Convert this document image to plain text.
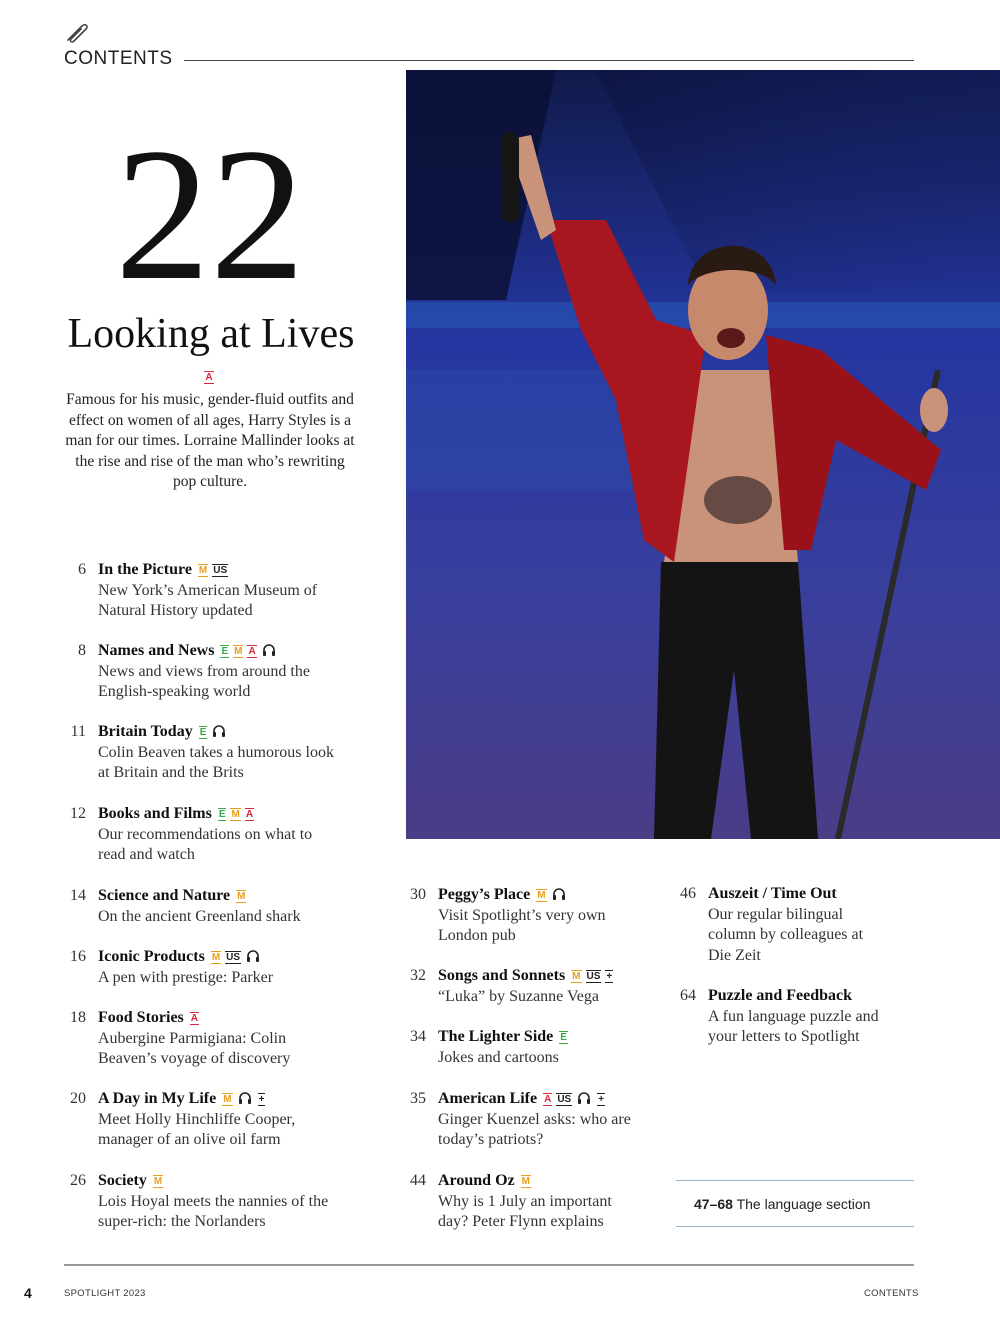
CONTENTS
22
Looking at Lives
A
Famous for his music, gender-fluid outfits and effect on women of all ages, Harry Styles is a man for our times. Lorraine Mallinder looks at the rise and rise of the man who’s rewriting pop culture.
6 In the Picture M US
New York’s American Museum of Natural History updated
8 Names and News E M A

News and views from around the English-speaking world
11 Britain Today E

Colin Beaven takes a humorous look at Britain and the Brits
12 Books and Films E M A
Our recommendations on what to read and watch
14 Science and Nature M
On the ancient Greenland shark
16 Iconic Products M US

A pen with prestige: Parker
18 Food Stories A
Aubergine Parmigiana: Colin Beaven’s voyage of discovery
20 A Day in My Life M	+
Meet Holly Hinchliffe Cooper, manager of an olive oil farm
26 Society M
Lois Hoyal meets the nannies of the super-rich: the Norlanders
30 Peggy’s Place M

Visit Spotlight’s very own London pub
32 Songs and Sonnets M US +
“Luka” by Suzanne Vega
34 The Lighter Side E
Jokes and cartoons
35 American Life A US	+
Ginger Kuenzel asks: who are today’s patriots?
44 Around Oz M
Why is 1 July an important day? Peter Flynn explains
46 Auszeit / Time Out
Our regular bilingual column by colleagues at Die Zeit
64 Puzzle and Feedback
A fun language puzzle and your letters to Spotlight
47–68 The language section
4	SPOTLIGHT 2023	CONTENTS
